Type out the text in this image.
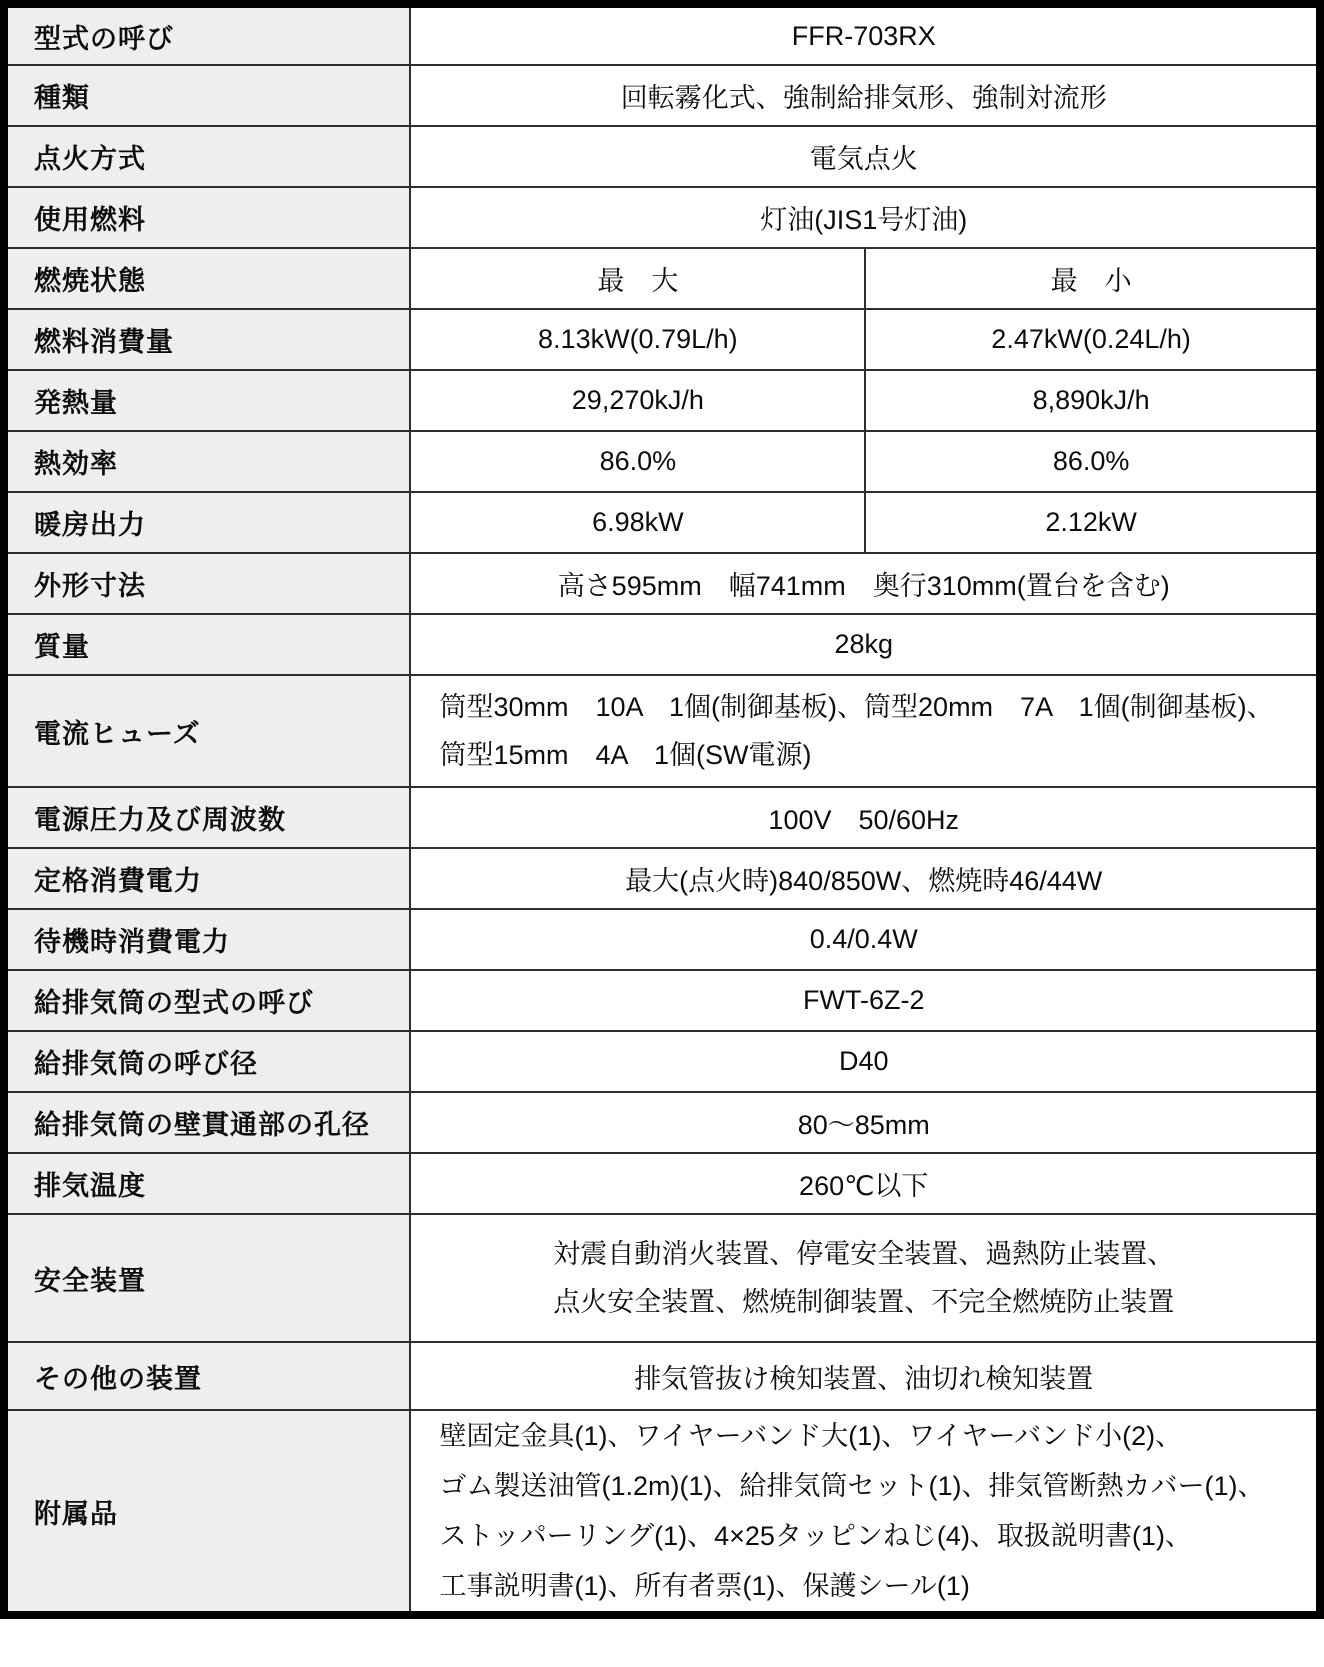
型式の呼び	FFR-703RX	
種類	回転霧化式、強制給排気形、強制対流形	
点火方式	電気点火	
使用燃料	灯油(JIS1号灯油)	
燃焼状態	最　大	最　小
燃料消費量	8.13kW(0.79L/h)	2.47kW(0.24L/h)
発熱量	29,270kJ/h	8,890kJ/h
熱効率	86.0%	86.0%
暖房出力	6.98kW	2.12kW
外形寸法	高さ595mm　幅741mm　奥行310mm(置台を含む)	
質量	28kg	
電流ヒューズ	筒型30mm　10A　1個(制御基板)、筒型20mm　7A　1個(制御基板)、
筒型15mm　4A　1個(SW電源)	

電源圧力及び周波数	100V　50/60Hz	
定格消費電力	最大(点火時)840/850W、燃焼時46/44W	
待機時消費電力	0.4/0.4W	
給排気筒の型式の呼び	FWT-6Z-2	
給排気筒の呼び径	D40	
給排気筒の壁貫通部の孔径	80～85mm	
排気温度	260℃以下	
安全装置	対震自動消火装置、停電安全装置、過熱防止装置、
点火安全装置、燃焼制御装置、不完全燃焼防止装置	

その他の装置	排気管抜け検知装置、油切れ検知装置	
附属品	壁固定金具(1)、ワイヤーバンド大(1)、ワイヤーバンド小(2)、
ゴム製送油管(1.2m)(1)、給排気筒セット(1)、排気管断熱カバー(1)、
ストッパーリング(1)、4×25タッピンねじ(4)、取扱説明書(1)、
工事説明書(1)、所有者票(1)、保護シール(1)	
